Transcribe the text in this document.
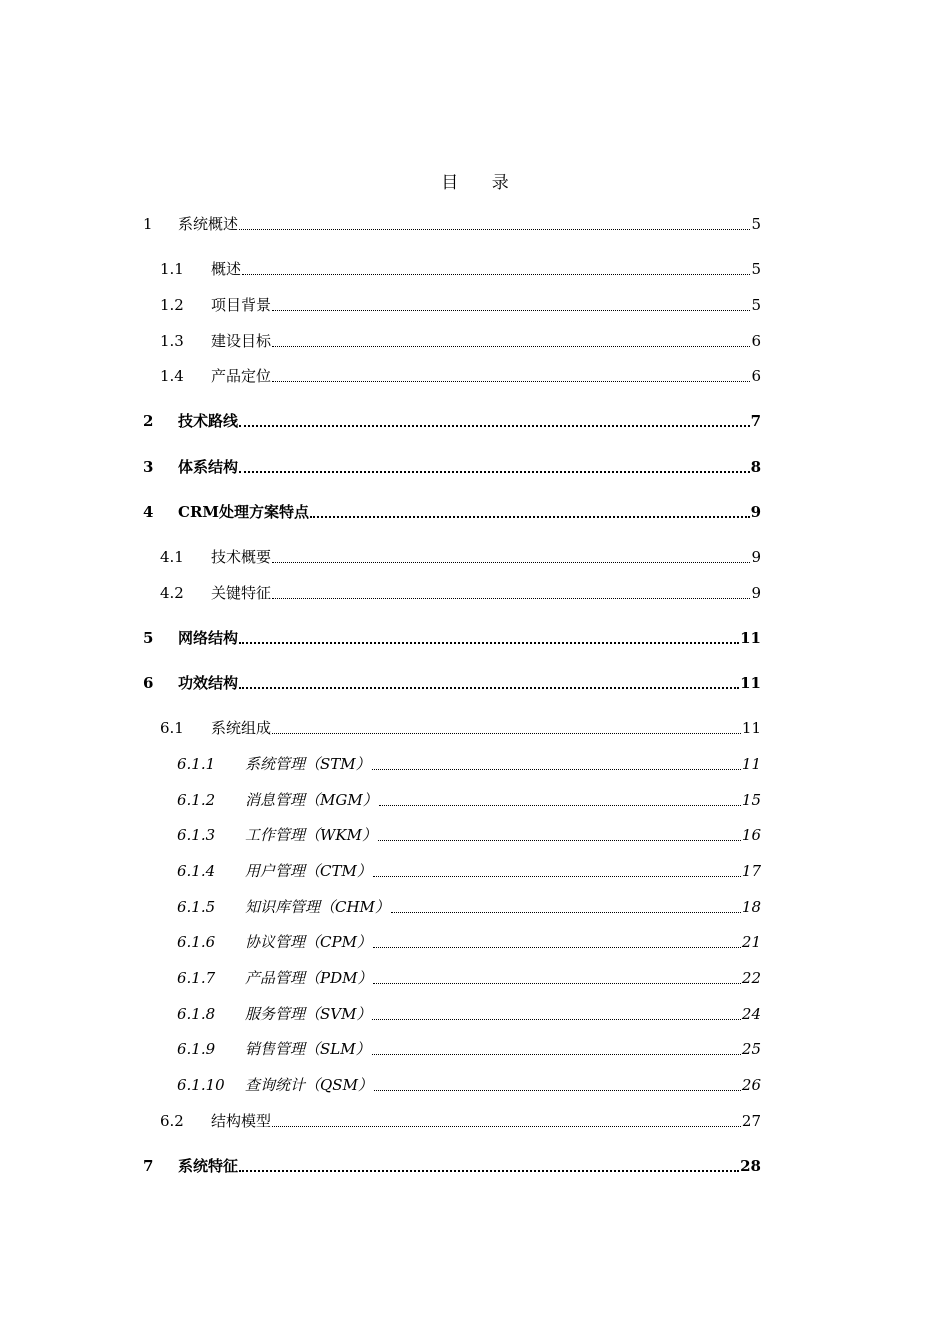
目 录
1	系统概述	5
1.1	概述	5
1.2	项目背景	5
1.3	建设目标	6
1.4	产品定位	6
2	技术路线	7
3	体系结构	8
4	CRM处理方案特点	9
4.1	技术概要	9
4.2	关键特征	9
5	网络结构	11
6	功效结构	11
6.1	系统组成	11
6.1.1	系统管理（STM）	11
6.1.2	消息管理（MGM）	15
6.1.3	工作管理（WKM）	16
6.1.4	用户管理（CTM）	17
6.1.5	知识库管理（CHM）	18
6.1.6	协议管理（CPM）	21
6.1.7	产品管理（PDM）	22
6.1.8	服务管理（SVM）	24
6.1.9	销售管理（SLM）	25
6.1.10	查询统计（QSM）	26
6.2	结构模型	27
7	系统特征	28
